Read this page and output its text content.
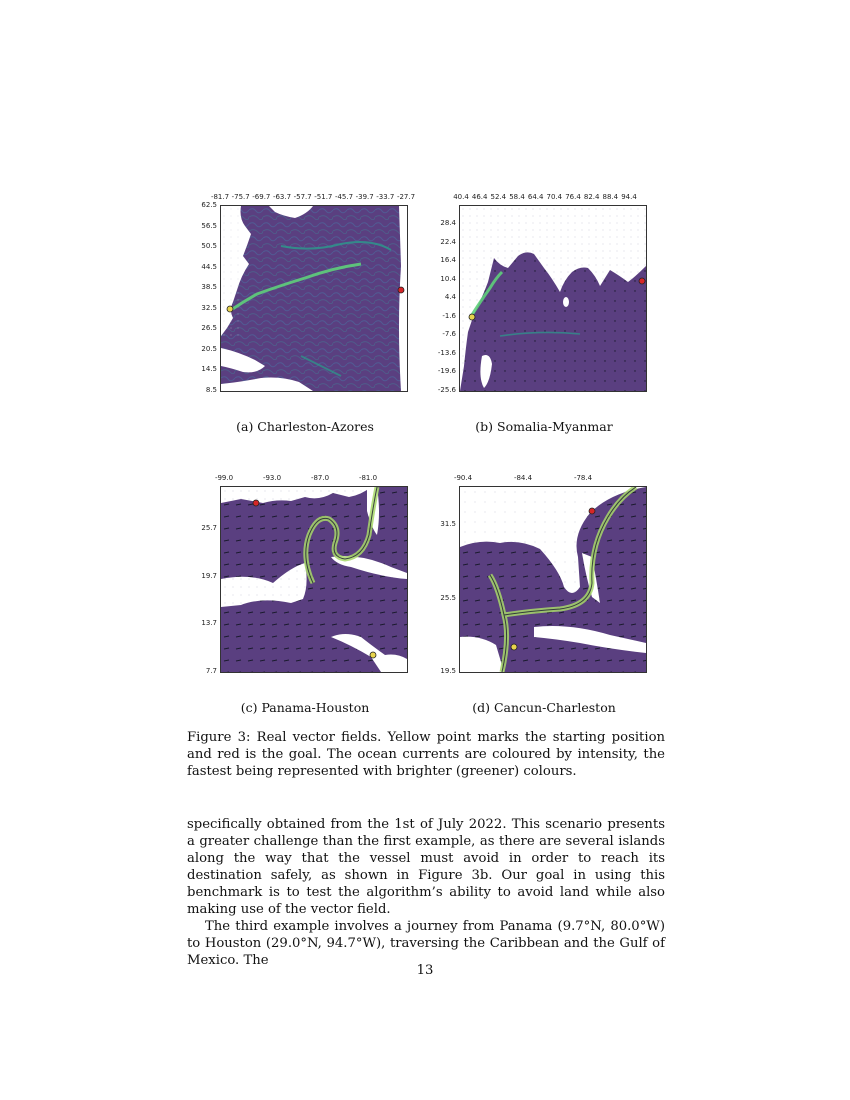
-81.7 -75.7 -69.7 -63.7 -57.7 -51.7 -45.7 -39.7 -33.7 -27.7
62.5
56.5
50.5
44.5
38.5
32.5
26.5
20.5
14.5
8.5
(a) Charleston-Azores
40.4 46.4 52.4 58.4 64.4 70.4 76.4 82.4 88.4 94.4
28.4
22.4
16.4
10.4
4.4
-1.6
-7.6
-13.6
-19.6
-25.6
(b) Somalia-Myanmar
-99.0	-93.0	-87.0	-81.0
25.7
19.7
13.7
7.7
(c) Panama-Houston
-90.4	-84.4	-78.4
31.5
25.5
19.5
(d) Cancun-Charleston
Figure 3: Real vector fields. Yellow point marks the starting position and red is the goal. The ocean currents are coloured by intensity, the fastest being represented with brighter (greener) colours.

specifically obtained from the 1st of July 2022. This scenario presents a greater challenge than the first example, as there are several islands along the way that the vessel must avoid in order to reach its destination safely, as shown in Figure 3b. Our goal in using this benchmark is to test the algorithm’s ability to avoid land while also making use of the vector field.

The third example involves a journey from Panama (9.7°N, 80.0°W) to Houston (29.0°N, 94.7°W), traversing the Caribbean and the Gulf of Mexico. The

13
